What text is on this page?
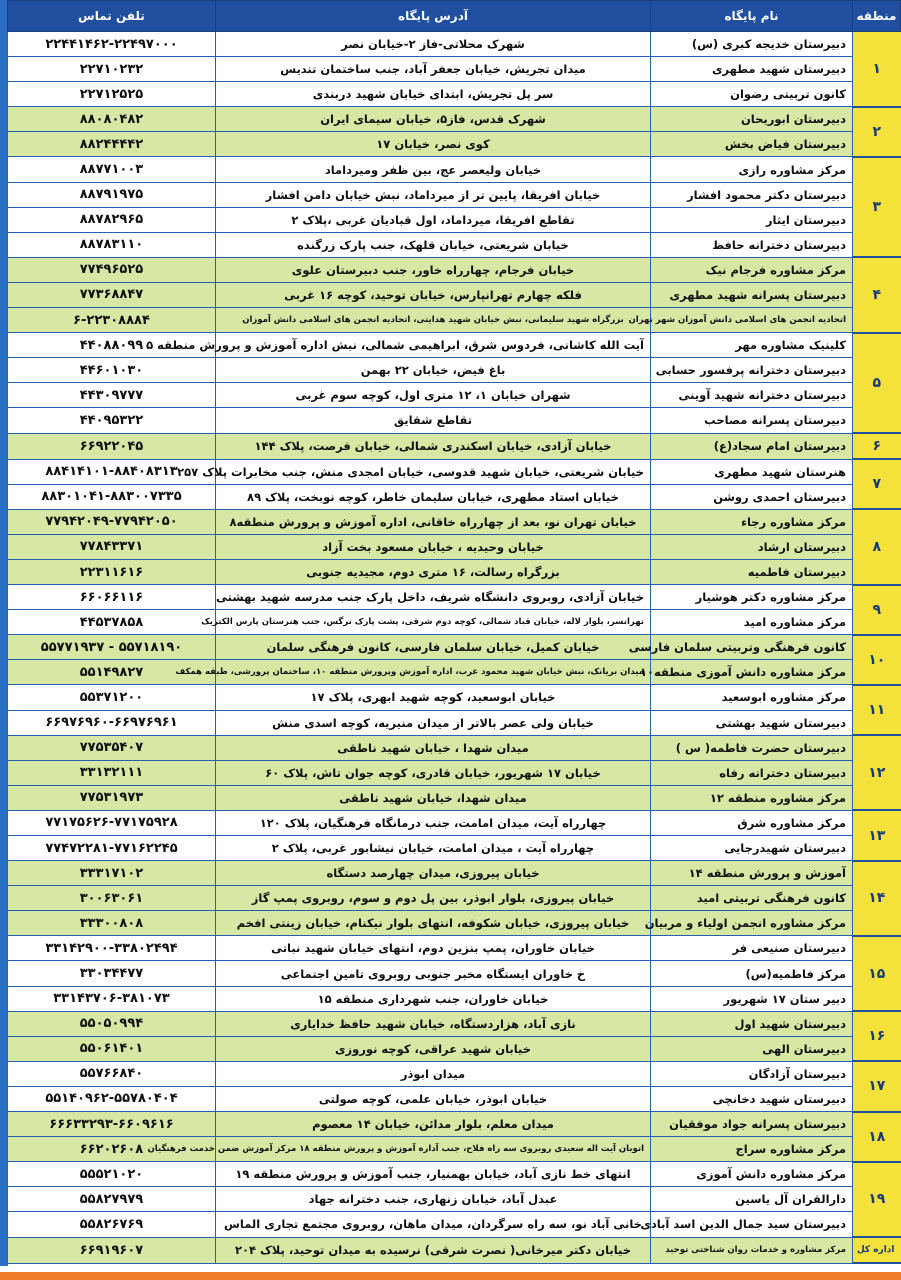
منطقه	نام پایگاه	آدرس پایگاه	تلفن تماس
۱	دبیرستان خدیجه کبری (س)	شهرک محلاتی-فاز ۲-خیابان نصر	۲۲۴۴۱۴۶۲-۲۲۴۹۷۰۰۰
	دبیرستان شهید مطهری	میدان تجریش، خیابان جعفر آباد، جنب ساختمان تندیس	۲۲۷۱۰۲۳۲
	کانون تربیتی رضوان	سر پل تجریش، ابتدای خیابان شهید دربندی	۲۲۷۱۲۵۲۵
۲	دبیرستان ابوریحان	شهرک قدس، فاز۵، خیابان سیمای ایران	۸۸۰۸۰۴۸۲
	دبیرستان فیاض بخش	کوی نصر، خیابان ۱۷	۸۸۲۴۴۴۴۲
۳	مرکز مشاوره رازی	خیابان ولیعصر عج، بین ظفر ومیرداماد	۸۸۷۷۱۰۰۳
	دبیرستان دکتر محمود افشار	خیابان افریقا، پایین تر از میرداماد، نبش خیابان دامن افشار	۸۸۷۹۱۹۷۵
	دبیرستان ایثار	تقاطع افریقا، میرداماد، اول قبادیان غربی ،پلاک ۲	۸۸۷۸۲۹۶۵
	دبیرستان دخترانه حافظ	خیابان شریعتی، خیابان قلهک، جنب پارک زرگنده	۸۸۷۸۳۱۱۰
۴	مرکز مشاوره فرجام نیک	خیابان فرجام، چهارراه خاور، جنب دبیرستان علوی	۷۷۴۹۶۵۲۵
	دبیرستان پسرانه شهید مطهری	فلکه چهارم تهرانپارس، خیابان توحید، کوچه ۱۶ غربی	۷۷۳۶۸۸۴۷
	اتحادیه انجمن های اسلامی دانش آموزان شهر تهران	بزرگراه شهید سلیمانی، نبش خیابان شهید هدایتی، اتحادیه انجمن های اسلامی دانش آموزان	۶-۲۲۳۰۸۸۸۴
۵	کلینیک مشاوره مهر	آیت الله کاشانی، فردوس شرق، ابراهیمی شمالی، نبش اداره آموزش و پرورش منطقه ۵	۴۴۰۸۸۰۹۹
	دبیرستان دخترانه پرفسور حسابی	باغ فیض، خیابان ۲۲ بهمن	۴۴۶۰۱۰۳۰
	دبیرستان دخترانه شهید آوینی	شهران خیابان ۱، ۱۲ متری اول، کوچه سوم غربی	۴۴۳۰۹۷۷۷
	دبیرستان پسرانه مصاحب	تقاطع شقایق	۴۴۰۹۵۳۲۲
۶	دبیرستان امام سجاد(ع)	خیابان آزادی، خیابان اسکندری شمالی، خیابان فرصت، پلاک ۱۴۴	۶۶۹۲۲۰۴۵
۷	هنرستان شهید مطهری	خیابان شریعتی، خیابان شهید قدوسی، خیابان امجدی منش، جنب مخابرات پلاک ۲۵۷	۸۸۴۱۴۱۰۱-۸۸۴۰۸۳۱۳
	دبیرستان احمدی روشن	خیابان استاد مطهری، خیابان سلیمان خاطر، کوچه نوبخت، پلاک ۸۹	۸۸۳۰۱۰۴۱-۸۸۳۰۰۷۳۳۵
۸	مرکز مشاوره رجاء	خیابان تهران نو، بعد از چهارراه خاقانی، اداره آموزش و پرورش منطقه۸	۷۷۹۴۲۰۴۹-۷۷۹۴۲۰۵۰
	دبیرستان ارشاد	خیابان وحیدیه ، خیابان مسعود بخت آزاد	۷۷۸۴۳۳۷۱
	دبیرستان فاطمیه	بزرگراه رسالت، ۱۶ متری دوم، مجیدیه جنوبی	۲۲۳۱۱۶۱۶
۹	مرکز مشاوره دکتر هوشیار	خیابان آزادی، روبروی دانشگاه شریف، داخل پارک جنب مدرسه شهید بهشتی	۶۶۰۶۶۱۱۶
	مرکز مشاوره امید	تهرانسر، بلوار لاله، خیابان قباد شمالی، کوچه دوم شرقی، پشت پارک نرگس، جنب هنرستان پارس الکتریک	۴۴۵۳۷۸۵۸
۱۰	کانون فرهنگی وتربیتی سلمان فارسی	خیابان کمیل، خیابان سلمان فارسی، کانون فرهنگی سلمان	۵۵۷۷۱۹۳۷ - ۵۵۷۱۸۱۹۰
	مرکز مشاوره دانش آموزی منطقه۱۰	میدان بریانک، نبش خیابان شهید محمود عرب، اداره آموزش وپرورش منطقه ۱۰، ساختمان پرورشی، طبقه همکف	۵۵۱۴۹۸۲۷
۱۱	مرکز مشاوره ابوسعید	خیابان ابوسعید، کوچه شهید ابهری، پلاک ۱۷	۵۵۳۷۱۲۰۰
	دبیرستان شهید بهشتی	خیابان ولی عصر بالاتر از میدان منیریه، کوچه اسدی منش	۶۶۹۷۶۹۶۰-۶۶۹۷۶۹۶۱
۱۲	دبیرستان حضرت فاطمه( س )	میدان شهدا ، خیابان شهید ناطقی	۷۷۵۳۵۴۰۷
	دبیرستان دخترانه رفاه	خیابان ۱۷ شهریور، خیابان قادری، کوچه جوان تاش، پلاک ۶۰	۳۳۱۳۲۱۱۱
	مرکز مشاوره منطقه ۱۲	میدان شهدا، خیابان شهید ناطقی	۷۷۵۳۱۹۷۳
۱۳	مرکز مشاوره شرق	چهارراه آیت، میدان امامت، جنب درمانگاه فرهنگیان، پلاک ۱۲۰	۷۷۱۷۵۶۲۶-۷۷۱۷۵۹۲۸
	دبیرستان شهیدرجایی	چهارراه آیت ، میدان امامت، خیابان نیشابور غربی، پلاک ۲	۷۷۴۷۲۲۸۱-۷۷۱۶۲۲۴۵
۱۴	آموزش و پرورش منطقه ۱۴	خیابان پیروزی، میدان چهارصد دستگاه	۳۳۳۱۷۱۰۲
	کانون فرهنگی تربیتی امید	خیابان پیروزی، بلوار ابوذر، بین پل دوم و سوم، روبروی پمپ گاز	۳۰۰۶۳۰۶۱
	مرکز مشاوره انجمن اولیاء و مربیان	خیابان پیروزی، خیابان شکوفه، انتهای بلوار نیکنام، خیابان زینتی افخم	۳۳۳۰۰۸۰۸
۱۵	دبیرستان صنیعی فر	خیابان خاوران، پمپ بنزین دوم، انتهای خیابان شهید نباتی	۳۳۱۴۲۹۰۰-۳۳۸۰۲۴۹۴
	مرکز فاطمیه(س)	خ خاوران ایستگاه مخبر جنوبی روبروی تامین اجتماعی	۳۳۰۳۴۴۷۷
	دبیر ستان ۱۷ شهریور	خیابان خاوران، جنب شهرداری منطقه ۱۵	۳۳۱۴۳۷۰۶-۳۸۱۰۷۳
۱۶	دبیرستان شهید اول	نازی آباد، هزاردستگاه، خیابان شهید حافظ خدایاری	۵۵۰۵۰۹۹۴
	دبیرستان الهی	خیابان شهید عراقی، کوچه نوروزی	۵۵۰۶۱۴۰۱
۱۷	دبیرستان آزادگان	میدان ابوذر	۵۵۷۶۶۸۴۰
	دبیرستان شهید دخانچی	خیابان ابوذر، خیابان علمی، کوچه صولتی	۵۵۱۴۰۹۶۲-۵۵۷۸۰۴۰۴
۱۸	دبیرستان پسرانه جواد موفقیان	میدان معلم، بلوار مدائن، خیابان ۱۴ معصوم	۶۶۶۳۳۲۹۳-۶۶۰۹۶۱۶
	مرکز مشاوره سراج	اتوبان آیت اله سعیدی روبروی سه راه فلاح، جنب آداره آموزش و پرورش منطقه ۱۸ مرکز آموزش ضمن خدمت فرهنگیان	۶۶۲۰۲۶۰۸
۱۹	مرکز مشاوره دانش آموزی	انتهای خط نازی آباد، خیابان بهمنیار، جنب آموزش و پرورش منطقه ۱۹	۵۵۵۲۱۰۲۰
	دارالقران آل یاسین	عبدل آباد، خیابان زنهاری، جنب دخترانه جهاد	۵۵۸۲۷۹۷۹
	دبیرستان سید جمال الدین اسد آبادی	خانی آباد نو، سه راه سرگردان، میدان ماهان، روبروی مجتمع تجاری الماس	۵۵۸۲۶۷۶۹
اداره کل	مرکز مشاوره و خدمات روان شناختی توحید	خیابان دکتر میرخانی( نصرت شرقی) نرسیده به میدان توحید، پلاک ۲۰۴	۶۶۹۱۹۶۰۷
